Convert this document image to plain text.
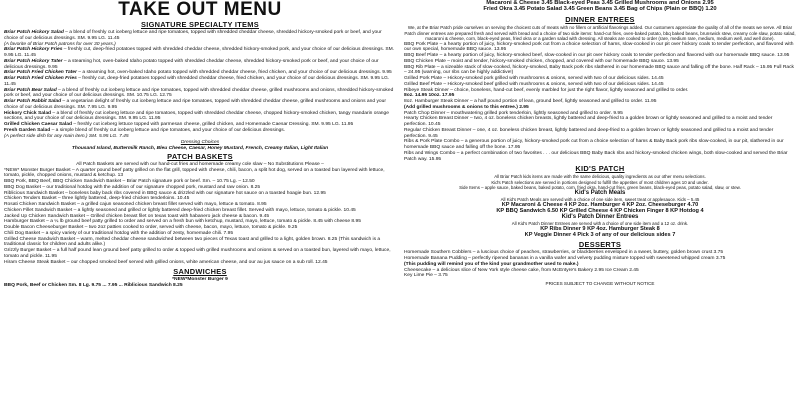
TAKE OUT MENU
SIGNATURE SPECIALTY ITEMS

Briar Patch Hickory Salad – a blend of freshly cut iceberg lettuce and ripe tomatoes, topped with shredded cheddar cheese, shredded hickory-smoked pork or beef, and your choice of our delicious dressings. SM. 9.95 LG. 11.45

(A favorite of Briar Patch patrons for over 30 years.)

Briar Patch Hickory Fries – freshly cut, deep-fried potatoes topped with shredded cheddar cheese, shredded hickory-smoked pork, and your choice of our delicious dressings. SM. 9.95 LG. 11.45

Briar Patch Hickory Tater – a steaming hot, oven-baked Idaho potato topped with shredded cheddar cheese, shredded hickory-smoked pork or beef, and your choice of our delicious dressings. 9.95

Briar Patch Fried Chicken Tater – a steaming hot, oven-baked Idaho potato topped with shredded cheddar cheese, fried chicken, and your choice of our delicious dressings. 9.95

Briar Patch Fried Chicken Fries – freshly cut, deep-fried potatoes topped with shredded cheddar cheese, fried chicken, and your choice of our delicious dressings. SM. 9.95 LG. 11.45

Briar Patch Bear Salad – a blend of freshly cut iceberg lettuce and ripe tomatoes, topped with shredded cheddar cheese, grilled mushrooms and onions, shredded hickory-smoked pork or beef, and your choice of our delicious dressings. SM. 10.75 LG. 12.75

Briar Patch Rabbit Salad – a vegetarian delight of freshly cut iceberg lettuce and ripe tomatoes, topped with shredded cheddar cheese, grilled mushrooms and onions and your choice of our delicious dressings. SM. 7.95 LG. 9.95

Hickory Chick Salad – a blend of freshly cut iceberg lettuce and ripe tomatoes, topped with shredded cheddar cheese, chopped hickory-smoked chicken, tangy mandarin orange sections, and your choice of our delicious dressings. SM. 9.95 LG. 11.95

Grilled Chicken Caesar Salad – freshly cut iceberg lettuce topped with parmesan cheese, grilled chicken, and Homemade Caesar Dressing. SM. 9.95 LG. 11.95

Fresh Garden Salad – a simple blend of freshly cut iceberg lettuce and ripe tomatoes, and your choice of our delicious dressings.

(A perfect side dish for any main item.) SM. 5.95 LG. 7.45

Dressing Choices

Thousand Island, Buttermilk Ranch, Bleu Cheese, Caesar, Honey Mustard, French, Creamy Italian, Light Italian

PATCH BASKETS

All Patch Baskets are served with our hand-cut fries and homemade creamy cole slaw – No Substitutions Please –

*NEW* Monster Burger Basket – A quarter pound beef patty grilled on the flat grill, topped with cheese, chili, bacon, a split hot dog, served on a toasted bun layered with lettuce, tomato, pickle, chopped onions, mustard & ketchup. 13

BBQ Pork, BBQ Beef, BBQ Chicken Sandwich Basket – Briar Patch signature pork or beef. Sm. – 10.75 Lg. – 12.50

BBQ Dog Basket – our traditional hotdog with the addition of our signature chopped pork, mustard and raw onion. 8.25

Riblicious Sandwich Basket – boneless baby back ribs covered in BBQ sauce & drizzled with our signature hot sauce on a toasted hoagie bun. 12.95

Chicken Tenders Basket – three lightly battered, deep-fried chicken tenderloins. 10.45

Rosati Chicken Sandwich Basket – a grilled cajun seasoned chicken breast fillet served with mayo, lettuce & tomato. 8.95

Chicken Fillet Sandwich Basket – a lightly seasoned and grilled or lightly battered deep-fried chicken breast fillet. Served with mayo, lettuce, tomato & pickle. 10.45

Jacked Up Chicken Sandwich Basket – Grilled chicken breast filet on texas toast with habanero jack cheese & bacon. 9.45

Hamburger Basket – a ¼ lb ground beef patty grilled to order and served on a fresh bun with ketchup, mustard, mayo, lettuce, tomato & pickle. 8.45 with cheese 8.95

Double Bacon Cheeseburger Basket – two 2oz patties cooked to order, served with cheese, bacon, mayo, lettuce, tomato & pickle. 9.25

Chili Dog Basket – a spicy variety of our traditional hotdog with the addition of zesty, homemade chili. 7.95

Grilled Cheese Sandwich Basket – warm, melted cheddar cheese sandwiched between two pieces of Texas toast and grilled to a light, golden brown. 8.25 (This sandwich is a traditional classic for children and adults alike.)

Grizzly Burger Basket – a full half pound lean ground beef patty grilled to order & topped with grilled mushrooms and onions & served on a toasted bun, layered with mayo, lettuce, tomato and pickle. 11.95

Hiram Cheese Steak Basket – our chopped smoked beef served with grilled onions, white american cheese, and our au jus sauce on a sub roll. 12.45

SANDWICHES

*NEW*Monster Burger 9

BBQ Pork, Beef or Chicken Sm. 8 Lg. 9.75 ... 7.95 ... Riblicious Sandwich 8.25

Macaroni & Cheese 3.45 Black-eyed Peas 3.45 Grilled Mushrooms and Onions 2.95

Fried Okra 3.45 Potato Salad 3.45 Green Beans 3.45 Bag of Chips (Plain or BBQ) 1.20

DINNER ENTREES

We, at the Briar Patch pride ourselves on serving the choicest cuts of meats with no fillers or artificial flavorings added. Our customers appreciate the quality of all of the meats we serve. All Briar Patch dinner entrees are prepared fresh and served with bread and a choice of two side items: hand-cut fries, oven-baked potato, bbq baked beans, brunswick stew, creamy cole slaw, potato salad, macaroni & cheese, corn, black-eyed peas, fried okra or a garden salad with dressing. All steaks are cooked to order (rare, medium rare, medium, medium well, and well done).

BBQ Pork Plate – a hearty portion of juicy, hickory-smoked pork cut from a choice selection of hams, slow-cooked in our pit over hickory coals to tender perfection, and flavored with our own special, homemade BBQ sauce. 13.95

BBQ Beef Plate – a hearty portion of juicy, hickory-smoked beef, slow-cooked in our pit over hickory coals to tender perfection and flavored with our homemade BBQ sauce. 13.95

BBQ Chicken Plate – moist and tender, hickory-smoked chicken, chopped, and covered with our homemade BBQ sauce. 13.95

BBQ Rib Plate – a sizeable stack of slow-cooked, hickory-smoked, Baby Back pork ribs slathered in our homemade BBQ sauce and falling off the bone. Half Rack – 15.95 Full Rack – 24.95 (warning, our ribs can be highly addictive!)

Grilled Pork Plate – Hickory-smoked pork grilled with mushrooms & onions, served with two of our delicious sides. 14.45

Grilled Beef Plate – Hickory-smoked beef grilled with mushrooms & onions, served with two of our delicious sides. 14.45

Ribeye Steak Dinner – choice, boneless, hand-cut beef, evenly marbled for just the right flavor, lightly seasoned and grilled to order.

8oz. 14.95 10oz. 17.95

8oz. Hamburger Steak Dinner – a half pound portion of lean, ground beef, lightly seasoned and grilled to order. 11.95

(Add grilled mushrooms & onions to this entree.) 2.95

Patch Chop Dinner – mouthwatering grilled pork tenderloin, lightly seasoned and grilled to order. 9.95

Hearty Chicken Breast Dinner – two, 4 oz. boneless chicken breasts, lightly battered and deep-fried to a golden brown or lightly seasoned and grilled to a moist and tender perfection. 10.45

Regular Chicken Breast Dinner – one, 4 oz. boneless chicken breast, lightly battered and deep-fried to a golden brown or lightly seasoned and grilled to a moist and tender perfection. 9.45

Ribs & Pork Plate Combo – a generous portion of juicy, hickory-smoked pork cut from a choice selection of hams & Baby Back pork ribs slow-cooked, in our pit, slathered in our homemade BBQ sauce and falling off the bone. 17.95

Ribs and Wings Combo – a perfect combination of two favorites . . . our delicious BBQ Baby Back ribs and hickory-smoked chicken wings, both slow-cooked and served the Briar Patch way. 15.95

KID'S PATCH

All Briar Patch kids items are made with the same delicious, quality ingredients as our other menu selections.

Kid's Patch selections are served in portions designed to fulfill the appetites of most children ages 10 and under.

Side Items – apple sauce, baked beans, baked potato, corn, fried okra, hand-cut fries, green beans, black-eyed peas, potato salad, slaw, or stew.

Kid's Patch Meals

All Kid's Patch Meals are served with a choice of one side item, sweet treat or applesauce. Kids – 5.45

KP Macaroni & Cheese 4 KP 2oz. Hamburger 4 KP 2oz. Cheeseburger 4.70

KP BBQ Sandwich 6.50 KP Grilled Cheese 4 KP Chicken Finger 8 KP Hotdog 4

Kid's Patch Dinner Entrees

All Kid's Patch Dinner Entrees are served with a choice of one side item and a 12 oz. drink.

KP Ribs Dinner 9 KP 4oz. Hamburger Steak 8

KP Veggie Dinner 4 Pick 3 of any of our delicious sides 7

DESSERTS

Homemade Southern Cobblers – a luscious choice of peaches, strawberries, or blackberries enveloped in a sweet, buttery, golden brown crust 3.75

Homemade Banana Pudding – perfectly ripened bananas in a vanilla wafer and velvety pudding mixture topped with sweetened whipped cream 3.75

(This pudding will remind you of the kind your grandmother used to make.)

Cheesecake – a delicious slice of New York style cheese cake, from McEntyre's Bakery 2.95 Ice Cream 2.45

Key Lime Pie – 3.75

PRICES SUBJECT TO CHANGE WITHOUT NOTICE
